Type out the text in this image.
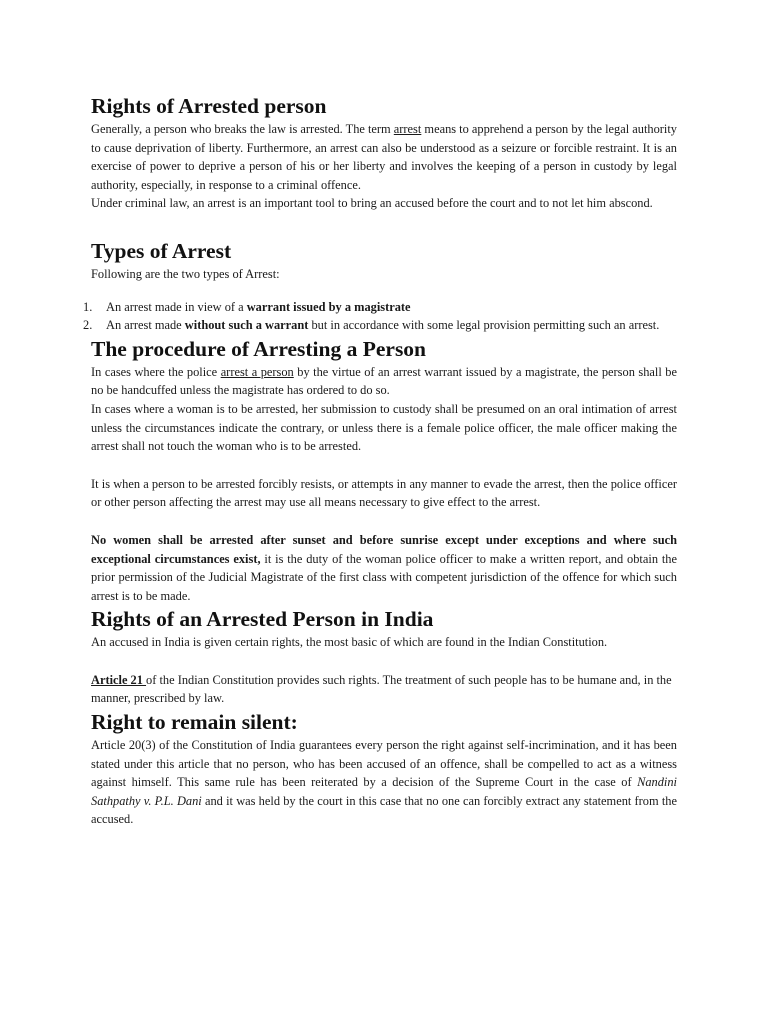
Rights of Arrested person

Generally, a person who breaks the law is arrested. The term arrest means to apprehend a person by the legal authority to cause deprivation of liberty. Furthermore, an arrest can also be understood as a seizure or forcible restraint. It is an exercise of power to deprive a person of his or her liberty and involves the keeping of a person in custody by legal authority, especially, in response to a criminal offence.

Under criminal law, an arrest is an important tool to bring an accused before the court and to not let him abscond.

Types of Arrest

Following are the two types of Arrest:

1. An arrest made in view of a warrant issued by a magistrate
2. An arrest made without such a warrant but in accordance with some legal provision permitting such an arrest.
The procedure of Arresting a Person

In cases where the police arrest a person by the virtue of an arrest warrant issued by a magistrate, the person shall be no be handcuffed unless the magistrate has ordered to do so.

In cases where a woman is to be arrested, her submission to custody shall be presumed on an oral intimation of arrest unless the circumstances indicate the contrary, or unless there is a female police officer, the male officer making the arrest shall not touch the woman who is to be arrested.

It is when a person to be arrested forcibly resists, or attempts in any manner to evade the arrest, then the police officer or other person affecting the arrest may use all means necessary to give effect to the arrest.

No women shall be arrested after sunset and before sunrise except under exceptions and where such exceptional circumstances exist, it is the duty of the woman police officer to make a written report, and obtain the prior permission of the Judicial Magistrate of the first class with competent jurisdiction of the offence for which such arrest is to be made.

Rights of an Arrested Person in India

An accused in India is given certain rights, the most basic of which are found in the Indian Constitution.

Article 21 of the Indian Constitution provides such rights. The treatment of such people has to be humane and, in the manner, prescribed by law.

Right to remain silent:

Article 20(3) of the Constitution of India guarantees every person the right against self-incrimination, and it has been stated under this article that no person, who has been accused of an offence, shall be compelled to act as a witness against himself. This same rule has been reiterated by a decision of the Supreme Court in the case of Nandini Sathpathy v. P.L. Dani and it was held by the court in this case that no one can forcibly extract any statement from the accused.
